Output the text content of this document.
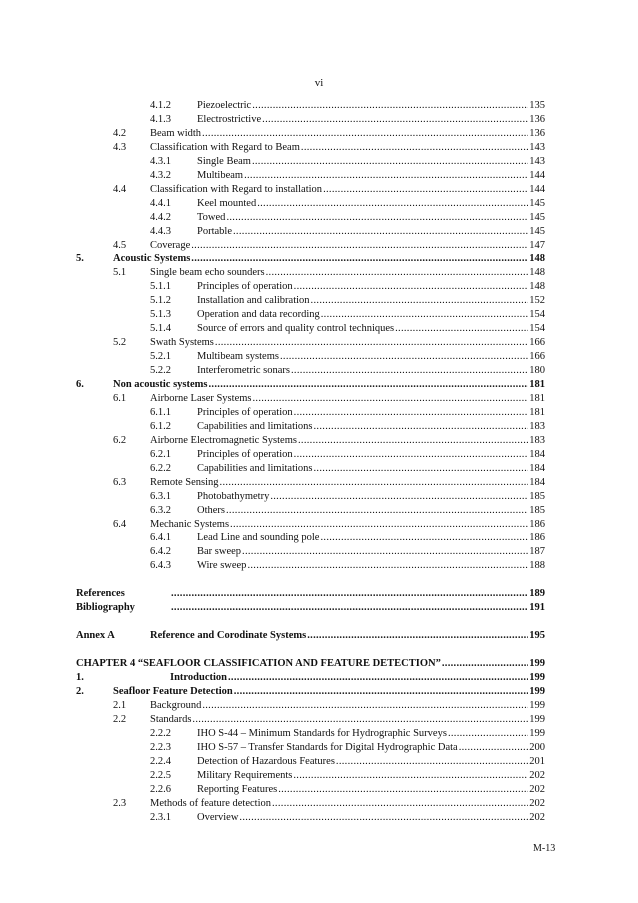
vi
4.1.2 Piezoelectric .....	135
4.1.3 Electrostrictive .....	136
4.2 Beam width .....	136
4.3 Classification with Regard to Beam .....	143
4.3.1 Single Beam .....	143
4.3.2 Multibeam .....	144
4.4 Classification with Regard to installation .....	144
4.4.1 Keel mounted .....	145
4.4.2 Towed .....	145
4.4.3 Portable .....	145
4.5 Coverage .....	147
5.	Acoustic Systems .....	148
5.1 Single beam echo sounders .....	148
5.1.1 Principles of operation .....	148
5.1.2 Installation and calibration .....	152
5.1.3 Operation and data recording .....	154
5.1.4 Source of errors and quality control techniques .....	154
5.2 Swath Systems .....	166
5.2.1 Multibeam systems .....	166
5.2.2 Interferometric sonars .....	180
6.	Non acoustic systems .....	181
6.1 Airborne Laser Systems .....	181
6.1.1 Principles of operation .....	181
6.1.2 Capabilities and limitations .....	183
6.2 Airborne Electromagnetic Systems .....	183
6.2.1 Principles of operation .....	184
6.2.2 Capabilities and limitations .....	184
6.3 Remote Sensing .....	184
6.3.1 Photobathymetry .....	185
6.3.2 Others .....	185
6.4 Mechanic Systems .....	186
6.4.1 Lead Line and sounding pole .....	186
6.4.2 Bar sweep .....	187
6.4.3 Wire sweep .....	188
References .....	189
Bibliography .....	191
Annex A	Reference and Corodinate Systems .....	195
CHAPTER 4 “SEAFLOOR CLASSIFICATION AND FEATURE DETECTION” .....	199
1.	Introduction .....	199
2.	Seafloor Feature Detection .....	199
2.1 Background .....	199
2.2 Standards .....	199
2.2.2 IHO S-44 – Minimum Standards for Hydrographic Surveys .....	199
2.2.3 IHO S-57 – Transfer Standards for Digital Hydrographic Data .....	200
2.2.4 Detection of Hazardous Features .....	201
2.2.5 Military Requirements .....	202
2.2.6 Reporting Features .....	202
2.3 Methods of feature detection .....	202
2.3.1 Overview .....	202
M-13
